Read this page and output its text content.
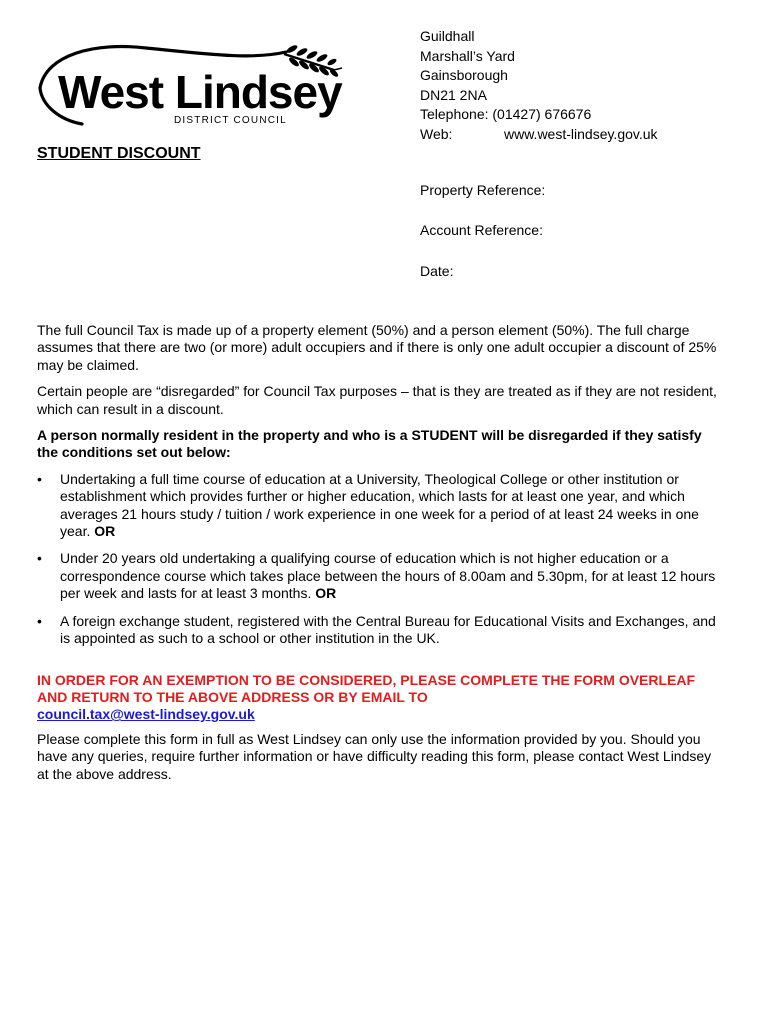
West Lindsey
DISTRICT COUNCIL
Guildhall
Marshall’s Yard
Gainsborough
DN21 2NA
Telephone: (01427) 676676
Web:	www.west-lindsey.gov.uk
STUDENT DISCOUNT
Property Reference:
Account Reference:
Date:

The full Council Tax is made up of a property element (50%) and a person element (50%). The full charge assumes that there are two (or more) adult occupiers and if there is only one adult occupier a discount of 25% may be claimed.

Certain people are “disregarded” for Council Tax purposes – that is they are treated as if they are not resident, which can result in a discount.

A person normally resident in the property and who is a STUDENT will be disregarded if they satisfy the conditions set out below:

• Undertaking a full time course of education at a University, Theological College or other institution or establishment which provides further or higher education, which lasts for at least one year, and which averages 21 hours study / tuition / work experience in one week for a period of at least 24 weeks in one year. OR
• Under 20 years old undertaking a qualifying course of education which is not higher education or a correspondence course which takes place between the hours of 8.00am and 5.30pm, for at least 12 hours per week and lasts for at least 3 months. OR
• A foreign exchange student, registered with the Central Bureau for Educational Visits and Exchanges, and is appointed as such to a school or other institution in the UK.

IN ORDER FOR AN EXEMPTION TO BE CONSIDERED, PLEASE COMPLETE THE FORM OVERLEAF AND RETURN TO THE ABOVE ADDRESS OR BY EMAIL TO
council.tax@west-lindsey.gov.uk

Please complete this form in full as West Lindsey can only use the information provided by you. Should you have any queries, require further information or have difficulty reading this form, please contact West Lindsey at the above address.
